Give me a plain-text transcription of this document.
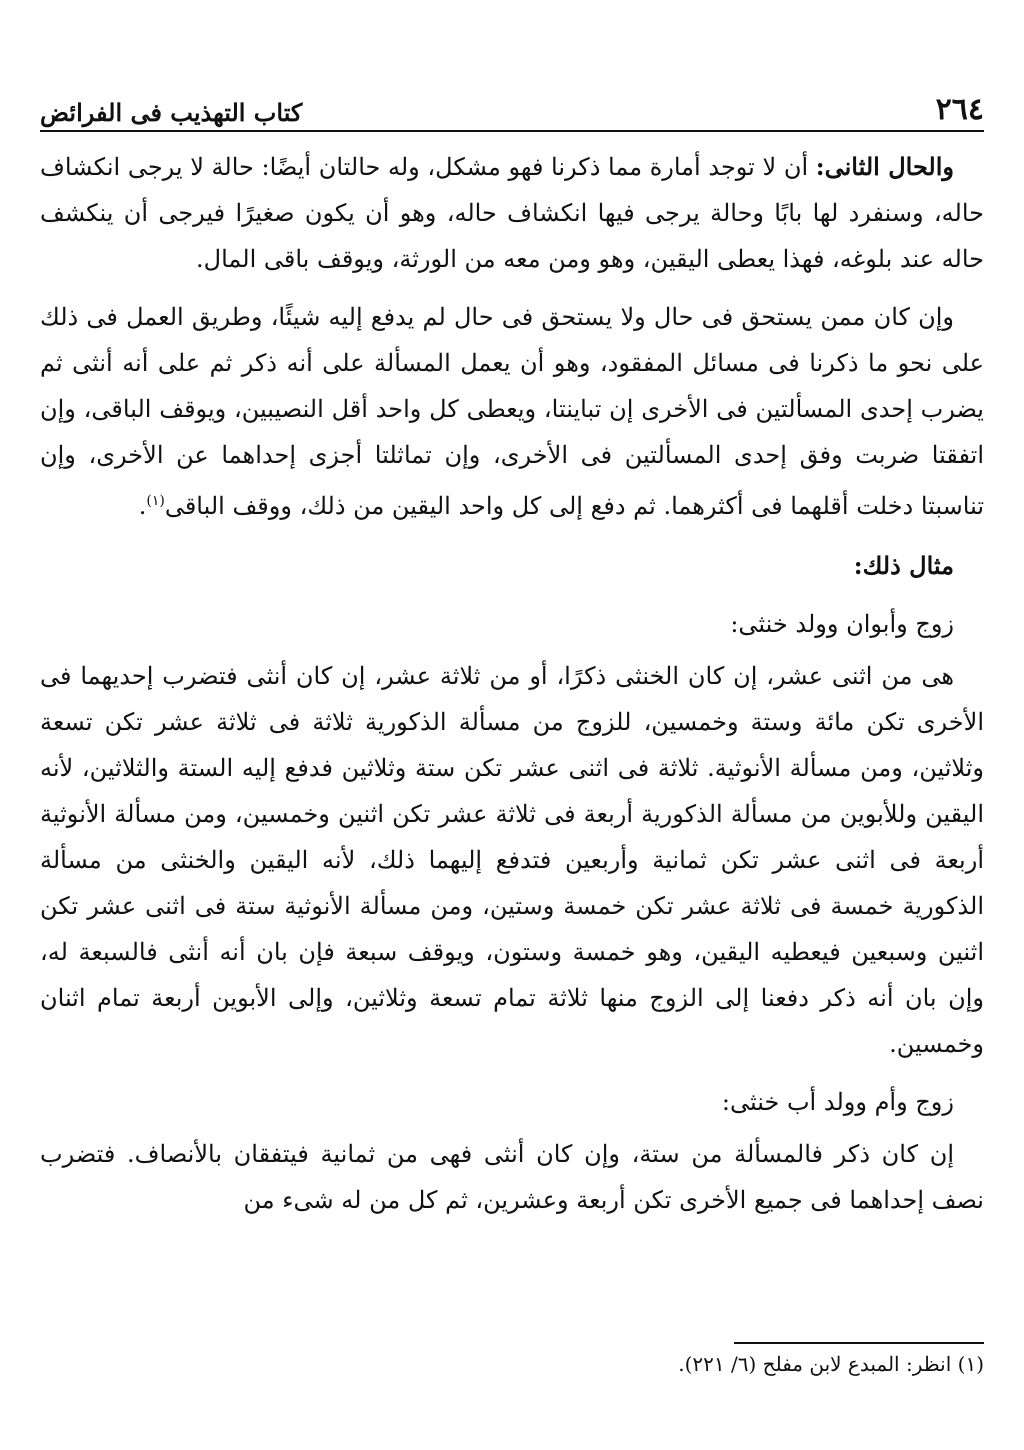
٢٦٤
كتاب التهذيب فى الفرائض

والحال الثانى: أن لا توجد أمارة مما ذكرنا فهو مشكل، وله حالتان أيضًا: حالة لا يرجى انكشاف حاله، وسنفرد لها بابًا وحالة يرجى فيها انكشاف حاله، وهو أن يكون صغيرًا فيرجى أن ينكشف حاله عند بلوغه، فهذا يعطى اليقين، وهو ومن معه من الورثة، ويوقف باقى المال.

وإن كان ممن يستحق فى حال ولا يستحق فى حال لم يدفع إليه شيئًا، وطريق العمل فى ذلك على نحو ما ذكرنا فى مسائل المفقود، وهو أن يعمل المسألة على أنه ذكر ثم على أنه أنثى ثم يضرب إحدى المسألتين فى الأخرى إن تباينتا، ويعطى كل واحد أقل النصيبين، ويوقف الباقى، وإن اتفقتا ضربت وفق إحدى المسألتين فى الأخرى، وإن تماثلتا أجزى إحداهما عن الأخرى، وإن تناسبتا دخلت أقلهما فى أكثرهما. ثم دفع إلى كل واحد اليقين من ذلك، ووقف الباقى$^{(١)}$.

مثال ذلك:
زوج وأبوان وولد خنثى:

هى من اثنى عشر، إن كان الخنثى ذكرًا، أو من ثلاثة عشر، إن كان أنثى فتضرب إحديهما فى الأخرى تكن مائة وستة وخمسين، للزوج من مسألة الذكورية ثلاثة فى ثلاثة عشر تكن تسعة وثلاثين، ومن مسألة الأنوثية. ثلاثة فى اثنى عشر تكن ستة وثلاثين فدفع إليه الستة والثلاثين، لأنه اليقين وللأبوين من مسألة الذكورية أربعة فى ثلاثة عشر تكن اثنين وخمسين، ومن مسألة الأنوثية أربعة فى اثنى عشر تكن ثمانية وأربعين فتدفع إليهما ذلك، لأنه اليقين والخنثى من مسألة الذكورية خمسة فى ثلاثة عشر تكن خمسة وستين، ومن مسألة الأنوثية ستة فى اثنى عشر تكن اثنين وسبعين فيعطيه اليقين، وهو خمسة وستون، ويوقف سبعة فإن بان أنه أنثى فالسبعة له، وإن بان أنه ذكر دفعنا إلى الزوج منها ثلاثة تمام تسعة وثلاثين، وإلى الأبوين أربعة تمام اثنان وخمسين.

زوج وأم وولد أب خنثى:

إن كان ذكر فالمسألة من ستة، وإن كان أنثى فهى من ثمانية فيتفقان بالأنصاف. فتضرب نصف إحداهما فى جميع الأخرى تكن أربعة وعشرين، ثم كل من له شىء من

(١) انظر: المبدع لابن مفلح (٦/ ٢٢١).
